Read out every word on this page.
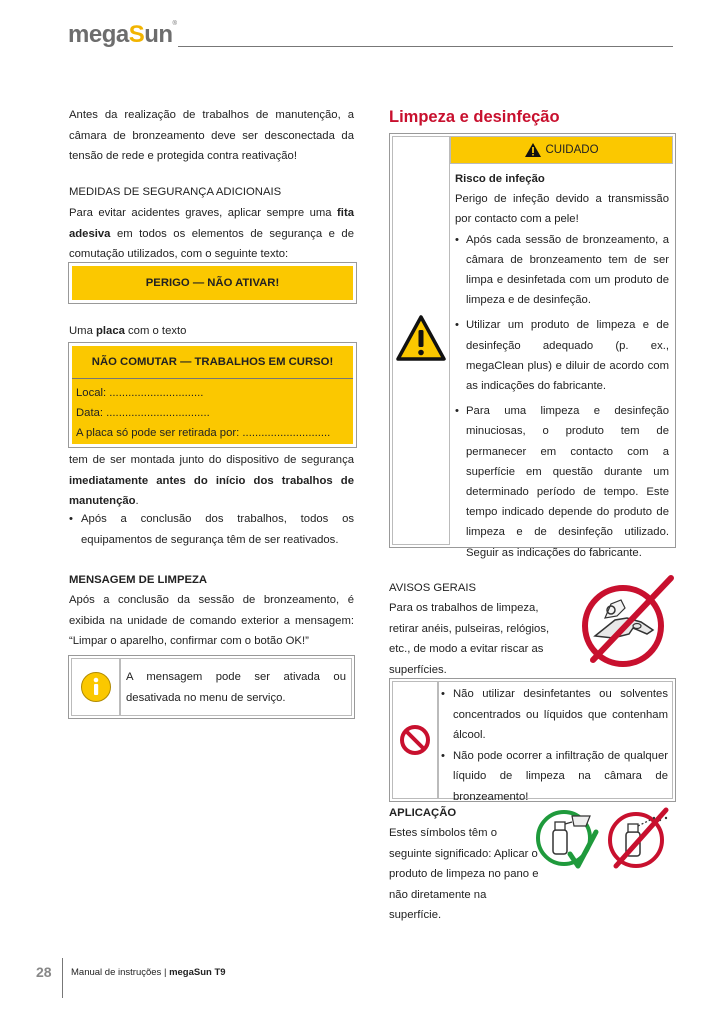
megaSun®

Antes da realização de trabalhos de manutenção, a câmara de bronzeamento deve ser desconectada da tensão de rede e protegida contra reativação!

MEDIDAS DE SEGURANÇA ADICIONAIS

Para evitar acidentes graves, aplicar sempre uma fita adesiva em todos os elementos de segurança e de comutação utilizados, com o seguinte texto:

PERIGO — NÃO ATIVAR!

Uma placa com o texto

NÃO COMUTAR — TRABALHOS EM CURSO!
Local: ..............................
Data: .................................
A placa só pode ser retirada por: ............................

tem de ser montada junto do dispositivo de segurança imediatamente antes do início dos trabalhos de manutenção.

• Após a conclusão dos trabalhos, todos os equipamentos de segurança têm de ser reativados.

MENSAGEM DE LIMPEZA

Após a conclusão da sessão de bronzeamento, é exibida na unidade de comando exterior a mensagem: “Limpar o aparelho, confirmar com o botão OK!”

A mensagem pode ser ativada ou desativada no menu de serviço.
Limpeza e desinfeção
CUIDADO
Risco de infeção
Perigo de infeção devido a transmissão por contacto com a pele!
• Após cada sessão de bronzeamento, a câmara de bronzeamento tem de ser limpa e desinfetada com um produto de limpeza e de desinfeção.
• Utilizar um produto de limpeza e de desinfeção adequado (p. ex., megaClean plus) e diluir de acordo com as indicações do fabricante.
• Para uma limpeza e desinfeção minuciosas, o produto tem de permanecer em contacto com a superfície em questão durante um determinado período de tempo. Este tempo indicado depende do produto de limpeza e de desinfeção utilizado. Seguir as indicações do fabricante.

AVISOS GERAIS

Para os trabalhos de limpeza, retirar anéis, pulseiras, relógios, etc., de modo a evitar riscar as superfícies.

• Não utilizar desinfetantes ou solventes concentrados ou líquidos que contenham álcool.
• Não pode ocorrer a infiltração de qualquer líquido de limpeza na câmara de bronzeamento!

APLICAÇÃO

Estes símbolos têm o seguinte significado: Aplicar o produto de limpeza no pano e não diretamente na superfície.

28 Manual de instruções | megaSun T9
